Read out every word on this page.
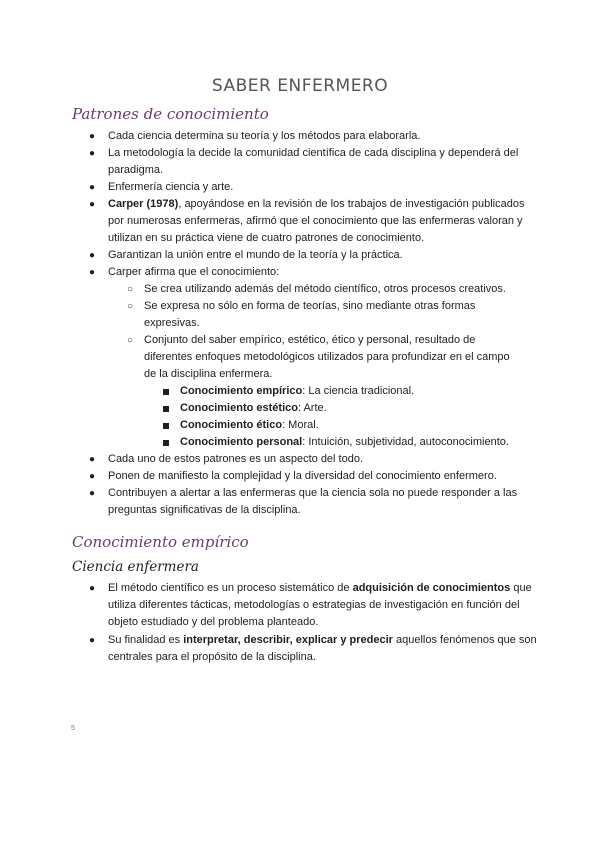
SABER ENFERMERO
Patrones de conocimiento
● Cada ciencia determina su teoría y los métodos para elaborarla.
● La metodología la decide la comunidad científica de cada disciplina y dependerá del
paradigma.
● Enfermería ciencia y arte.
● Carper (1978), apoyándose en la revisión de los trabajos de investigación publicados
por numerosas enfermeras, afirmó que el conocimiento que las enfermeras valoran y
utilizan en su práctica viene de cuatro patrones de conocimiento.
● Garantizan la unión entre el mundo de la teoría y la práctica.
● Carper afirma que el conocimiento:
○ Se crea utilizando además del método científico, otros procesos creativos.
○ Se expresa no sólo en forma de teorías, sino mediante otras formas
expresivas.
○ Conjunto del saber empírico, estético, ético y personal, resultado de
diferentes enfoques metodológicos utilizados para profundizar en el campo
de la disciplina enfermera.
Conocimiento empírico: La ciencia tradicional.
Conocimiento estético: Arte.
Conocimiento ético: Moral.
Conocimiento personal: Intuición, subjetividad, autoconocimiento.
● Cada uno de estos patrones es un aspecto del todo.
● Ponen de manifiesto la complejidad y la diversidad del conocimiento enfermero.
● Contribuyen a alertar a las enfermeras que la ciencia sola no puede responder a las
preguntas significativas de la disciplina.
Conocimiento empírico
Ciencia enfermera
● El método científico es un proceso sistemático de adquisición de conocimientos que
utiliza diferentes tácticas, metodologías o estrategias de investigación en función del
objeto estudiado y del problema planteado.
● Su finalidad es interpretar, describir, explicar y predecir aquellos fenómenos que son
centrales para el propósito de la disciplina.
5
